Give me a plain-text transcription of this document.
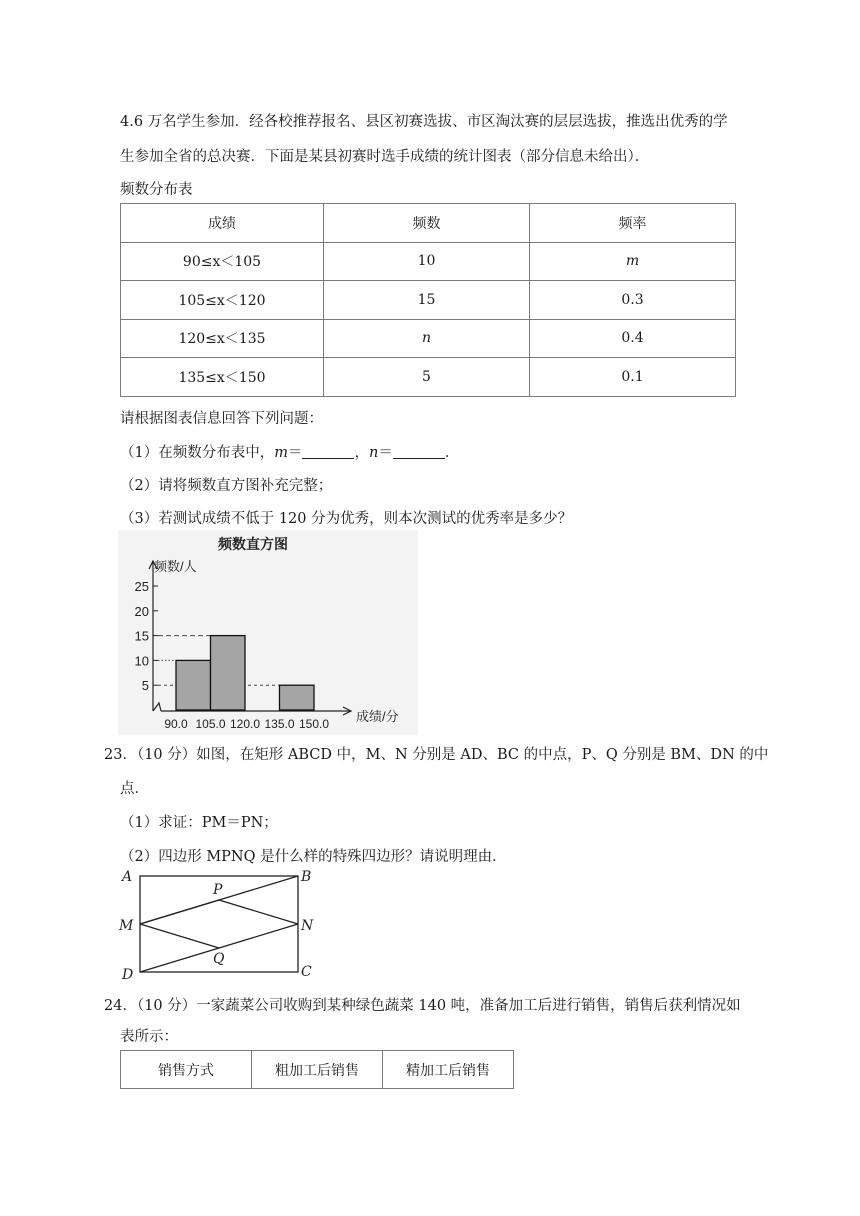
4.6 万名学生参加．经各校推荐报名、县区初赛选拔、市区淘汰赛的层层选拔，推选出优秀的学
生参加全省的总决赛．下面是某县初赛时选手成绩的统计图表（部分信息未给出）．
频数分布表
成绩	频数	频率
90≤x＜105	10	m
105≤x＜120	15	0.3
120≤x＜135	n	0.4
135≤x＜150	5	0.1
请根据图表信息回答下列问题：
（1）在频数分布表中，m＝	，n＝	．
（2）请将频数直方图补充完整；
（3）若测试成绩不低于 120 分为优秀，则本次测试的优秀率是多少？
频数直方图
频数/人
成绩/分
5
10
15
20
25
90.0 105.0 120.0 135.0 150.0
23．（10 分）如图，在矩形 ABCD 中，M、N 分别是 AD、BC 的中点，P、Q 分别是 BM、DN 的中
点．
（1）求证：PM＝PN；
（2）四边形 MPNQ 是什么样的特殊四边形？请说明理由．
A	B
C
D
M	N
P
Q
24．（10 分）一家蔬菜公司收购到某种绿色蔬菜 140 吨，准备加工后进行销售，销售后获利情况如
表所示：
销售方式	粗加工后销售	精加工后销售
